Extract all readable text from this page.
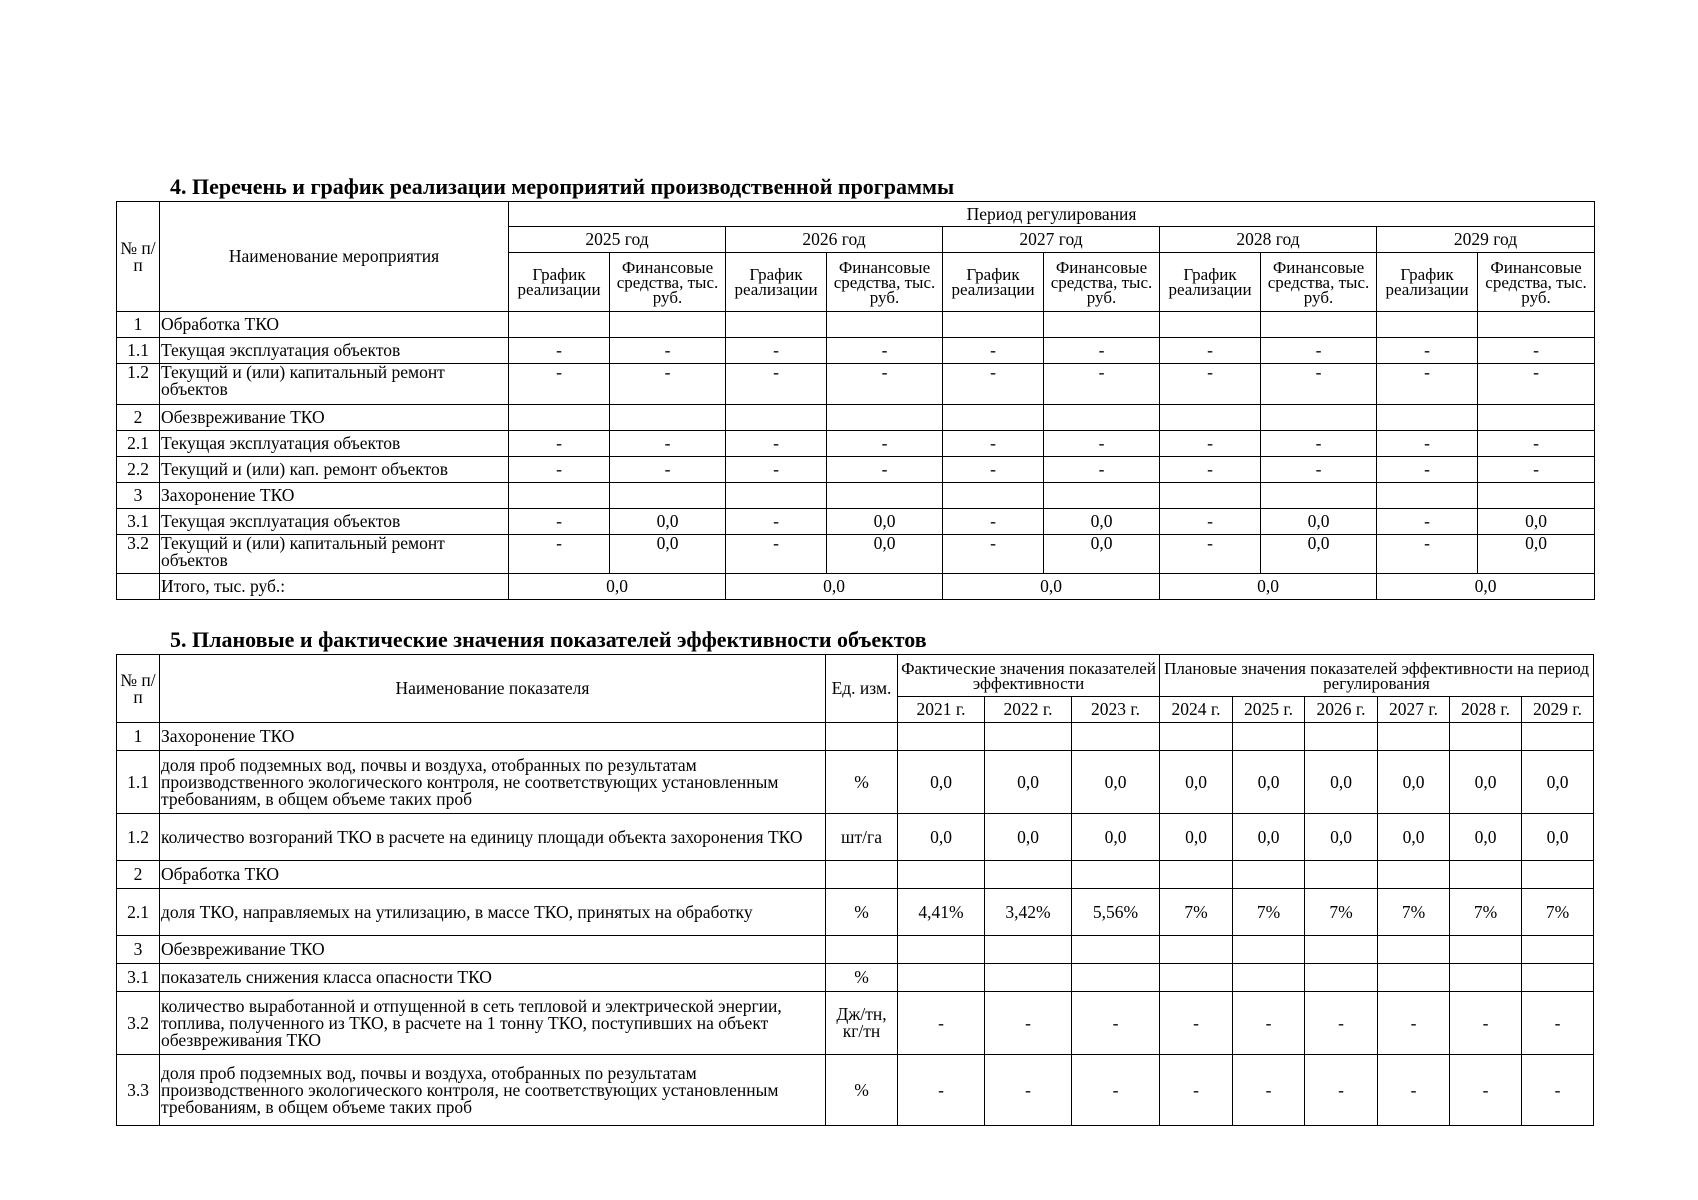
4. Перечень и график реализации мероприятий производственной программы
№ п/п	Наименование мероприятия	Период регулирования									
		2025 год		2026 год		2027 год		2028 год		2029 год	
		График реализации	Финансовые средства, тыс. руб.	График реализации	Финансовые средства, тыс. руб.	График реализации	Финансовые средства, тыс. руб.	График реализации	Финансовые средства, тыс. руб.	График реализации	Финансовые средства, тыс. руб.
1	Обработка ТКО										
1.1	Текущая эксплуатация объектов	-	-	-	-	-	-	-	-	-	-
1.2	Текущий и (или) капитальный ремонт объектов	-	-	-	-	-	-	-	-	-	-
2	Обезвреживание ТКО										
2.1	Текущая эксплуатация объектов	-	-	-	-	-	-	-	-	-	-
2.2	Текущий и (или) кап. ремонт объектов	-	-	-	-	-	-	-	-	-	-
3	Захоронение ТКО										
3.1	Текущая эксплуатация объектов	-	0,0	-	0,0	-	0,0	-	0,0	-	0,0
3.2	Текущий и (или) капитальный ремонт объектов	-	0,0	-	0,0	-	0,0	-	0,0	-	0,0
	Итого, тыс. руб.:	0,0		0,0		0,0		0,0		0,0	
5. Плановые и фактические значения показателей эффективности объектов
№ п/п	Наименование показателя	Ед. изм.	Фактические значения показателей эффективности			Плановые значения показателей эффективности на период регулирования					
			2021 г.	2022 г.	2023 г.	2024 г.	2025 г.	2026 г.	2027 г.	2028 г.	2029 г.
1	Захоронение ТКО										
1.1	доля проб подземных вод, почвы и воздуха, отобранных по результатам производственного экологического контроля, не соответствующих установленным требованиям, в общем объеме таких проб	%	0,0	0,0	0,0	0,0	0,0	0,0	0,0	0,0	0,0
1.2	количество возгораний ТКО в расчете на единицу площади объекта захоронения ТКО	шт/га	0,0	0,0	0,0	0,0	0,0	0,0	0,0	0,0	0,0
2	Обработка ТКО										
2.1	доля ТКО, направляемых на утилизацию, в массе ТКО, принятых на обработку	%	4,41%	3,42%	5,56%	7%	7%	7%	7%	7%	7%
3	Обезвреживание ТКО										
3.1	показатель снижения класса опасности ТКО	%									
3.2	количество выработанной и отпущенной в сеть тепловой и электрической энергии, топлива, полученного из ТКО, в расчете на 1 тонну ТКО, поступивших на объект обезвреживания ТКО	Дж/тн, кг/тн	-	-	-	-	-	-	-	-	-
3.3	доля проб подземных вод, почвы и воздуха, отобранных по результатам производственного экологического контроля, не соответствующих установленным требованиям, в общем объеме таких проб	%	-	-	-	-	-	-	-	-	-
